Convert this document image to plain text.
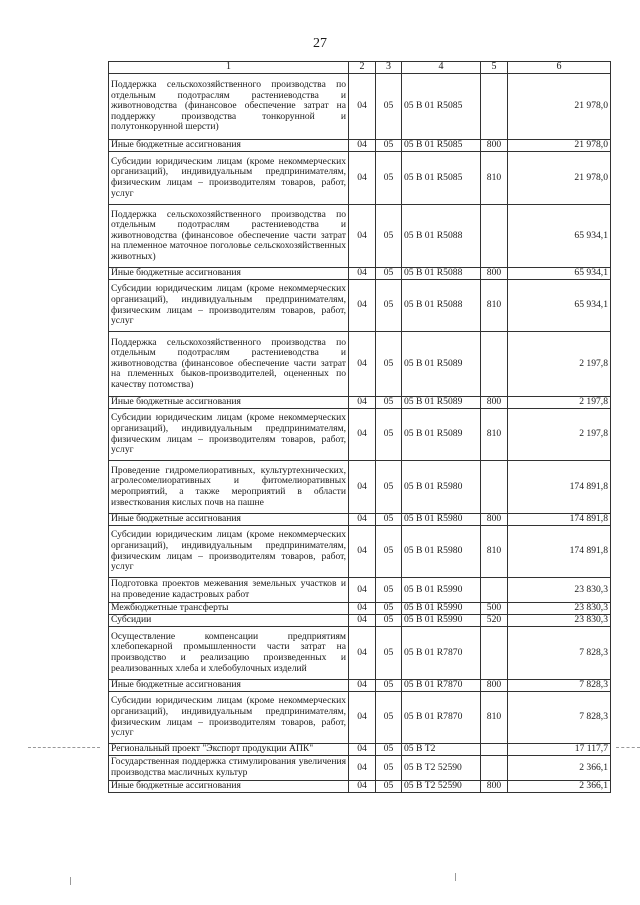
27
1	2	3	4	5	6
Поддержка сельскохозяйственного производства по отдельным подотраслям растениеводства и животноводства (финансовое обеспечение затрат на поддержку производства тонкорунной и полутонкорунной шерсти)	04	05	05 В 01 R5085		21 978,0
Иные бюджетные ассигнования	04	05	05 В 01 R5085	800	21 978,0
Субсидии юридическим лицам (кроме некоммерческих организаций), индивидуальным предпринимателям, физическим лицам – производителям товаров, работ, услуг	04	05	05 В 01 R5085	810	21 978,0
Поддержка сельскохозяйственного производства по отдельным подотраслям растениеводства и животноводства (финансовое обеспечение части затрат на племенное маточное поголовье сельскохозяйственных животных)	04	05	05 В 01 R5088		65 934,1
Иные бюджетные ассигнования	04	05	05 В 01 R5088	800	65 934,1
Субсидии юридическим лицам (кроме некоммерческих организаций), индивидуальным предпринимателям, физическим лицам – производителям товаров, работ, услуг	04	05	05 В 01 R5088	810	65 934,1
Поддержка сельскохозяйственного производства по отдельным подотраслям растениеводства и животноводства (финансовое обеспечение части затрат на племенных быков-производителей, оцененных по качеству потомства)	04	05	05 В 01 R5089		2 197,8
Иные бюджетные ассигнования	04	05	05 В 01 R5089	800	2 197,8
Субсидии юридическим лицам (кроме некоммерческих организаций), индивидуальным предпринимателям, физическим лицам – производителям товаров, работ, услуг	04	05	05 В 01 R5089	810	2 197,8
Проведение гидромелиоративных, культуртехнических, агролесомелиоративных и фитомелиоративных мероприятий, а также мероприятий в области известкования кислых почв на пашне	04	05	05 В 01 R5980		174 891,8
Иные бюджетные ассигнования	04	05	05 В 01 R5980	800	174 891,8
Субсидии юридическим лицам (кроме некоммерческих организаций), индивидуальным предпринимателям, физическим лицам – производителям товаров, работ, услуг	04	05	05 В 01 R5980	810	174 891,8
Подготовка проектов межевания земельных участков и на проведение кадастровых работ	04	05	05 В 01 R5990		23 830,3
Межбюджетные трансферты	04	05	05 В 01 R5990	500	23 830,3
Субсидии	04	05	05 В 01 R5990	520	23 830,3
Осуществление компенсации предприятиям хлебопекарной промышленности части затрат на производство и реализацию произведенных и реализованных хлеба и хлебобулочных изделий	04	05	05 В 01 R7870		7 828,3
Иные бюджетные ассигнования	04	05	05 В 01 R7870	800	7 828,3
Субсидии юридическим лицам (кроме некоммерческих организаций), индивидуальным предпринимателям, физическим лицам – производителям товаров, работ, услуг	04	05	05 В 01 R7870	810	7 828,3
Региональный проект "Экспорт продукции АПК"	04	05	05 В Т2		17 117,7
Государственная поддержка стимулирования увеличения производства масличных культур	04	05	05 В Т2 52590		2 366,1
Иные бюджетные ассигнования	04	05	05 В Т2 52590	800	2 366,1
